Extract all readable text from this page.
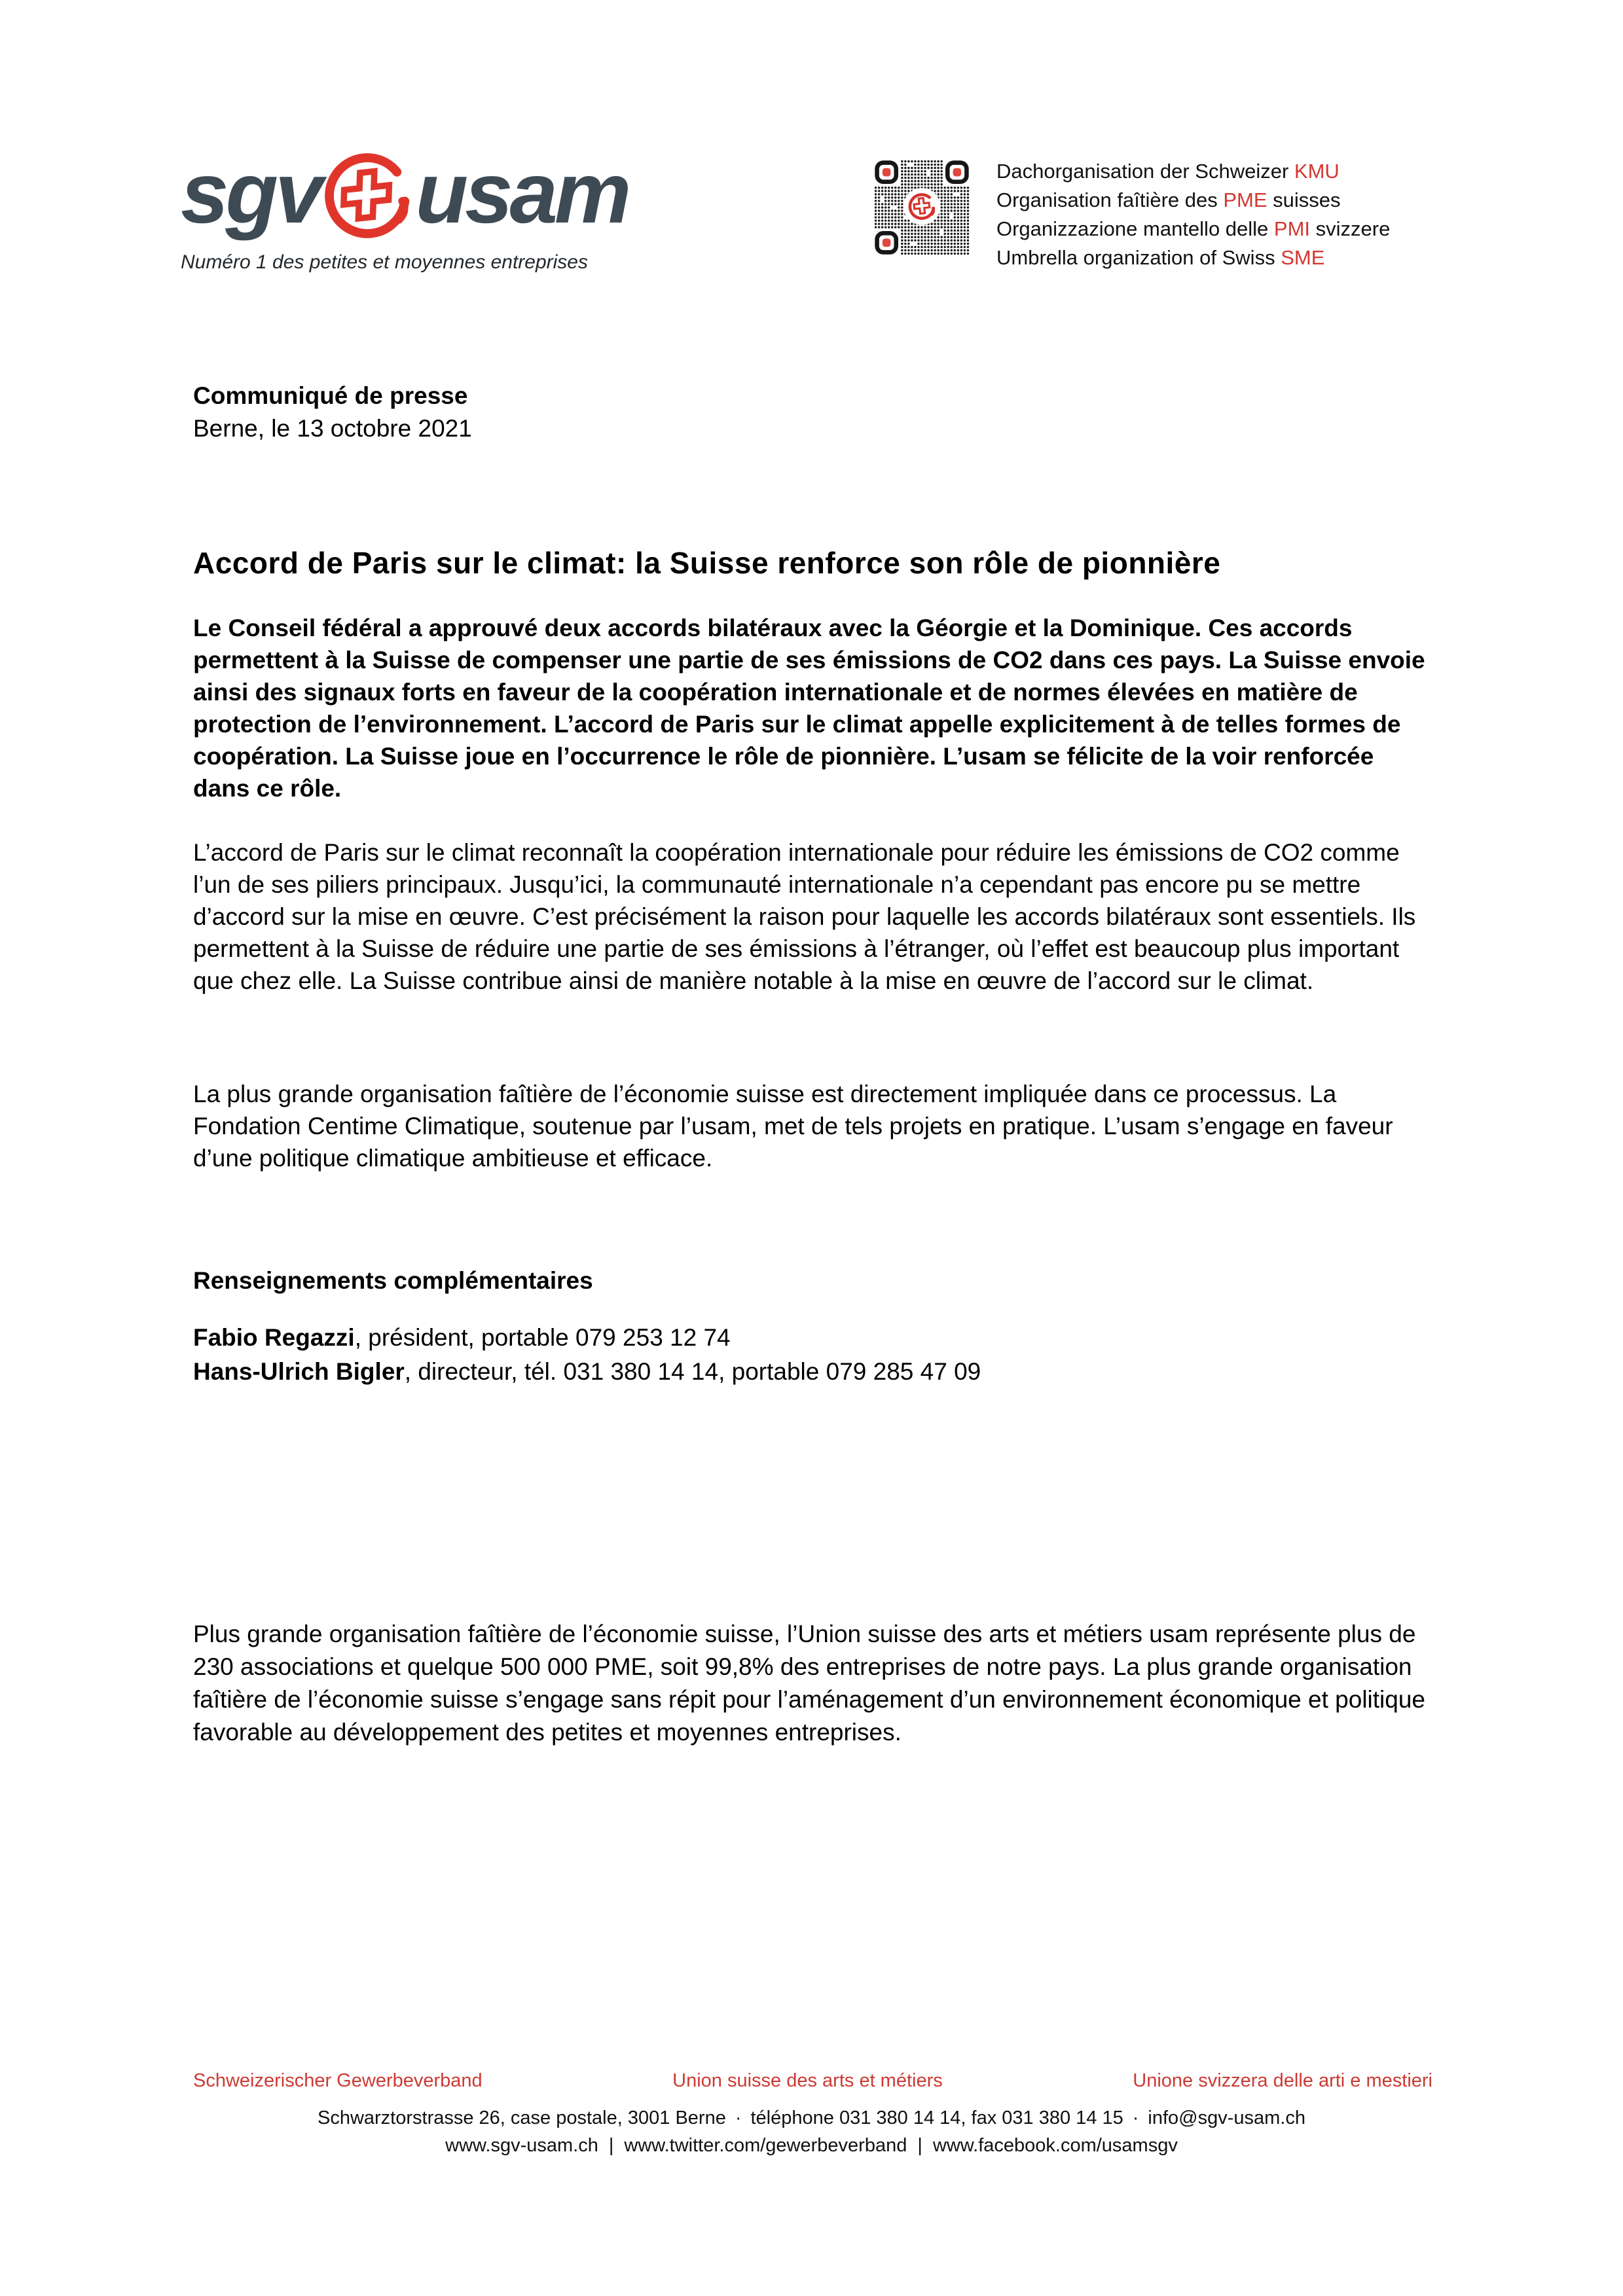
sgv usam
Numéro 1 des petites et moyennes entreprises
Dachorganisation der Schweizer KMU
Organisation faîtière des PME suisses
Organizzazione mantello delle PMI svizzere
Umbrella organization of Swiss SME
Communiqué de presse
Berne, le 13 octobre 2021
Accord de Paris sur le climat: la Suisse renforce son rôle de pionnière

Le Conseil fédéral a approuvé deux accords bilatéraux avec la Géorgie et la Dominique. Ces accords permettent à la Suisse de compenser une partie de ses émissions de CO2 dans ces pays. La Suisse envoie ainsi des signaux forts en faveur de la coopération internationale et de normes élevées en matière de protection de l’environnement. L’accord de Paris sur le climat appelle explicitement à de telles formes de coopération. La Suisse joue en l’occurrence le rôle de pionnière. L’usam se félicite de la voir renforcée dans ce rôle.

L’accord de Paris sur le climat reconnaît la coopération internationale pour réduire les émissions de CO2 comme l’un de ses piliers principaux. Jusqu’ici, la communauté internationale n’a cependant pas encore pu se mettre d’accord sur la mise en œuvre. C’est précisément la raison pour laquelle les accords bilatéraux sont essentiels. Ils permettent à la Suisse de réduire une partie de ses émissions à l’étranger, où l’effet est beaucoup plus important que chez elle. La Suisse contribue ainsi de manière notable à la mise en œuvre de l’accord sur le climat.

La plus grande organisation faîtière de l’économie suisse est directement impliquée dans ce processus. La Fondation Centime Climatique, soutenue par l’usam, met de tels projets en pratique. L’usam s’engage en faveur d’une politique climatique ambitieuse et efficace.

Renseignements complémentaires
Fabio Regazzi, président, portable 079 253 12 74
Hans-Ulrich Bigler, directeur, tél. 031 380 14 14, portable 079 285 47 09

Plus grande organisation faîtière de l’économie suisse, l’Union suisse des arts et métiers usam représente plus de 230 associations et quelque 500 000 PME, soit 99,8% des entreprises de notre pays. La plus grande organisation faîtière de l’économie suisse s’engage sans répit pour l’aménagement d’un environnement économique et politique favorable au développement des petites et moyennes entreprises.

Schweizerischer Gewerbeverband	Union suisse des arts et métiers	Unione svizzera delle arti e mestieri
Schwarztorstrasse 26, case postale, 3001 Berne · téléphone 031 380 14 14, fax 031 380 14 15 · info@sgv-usam.ch
www.sgv-usam.ch | www.twitter.com/gewerbeverband | www.facebook.com/usamsgv
